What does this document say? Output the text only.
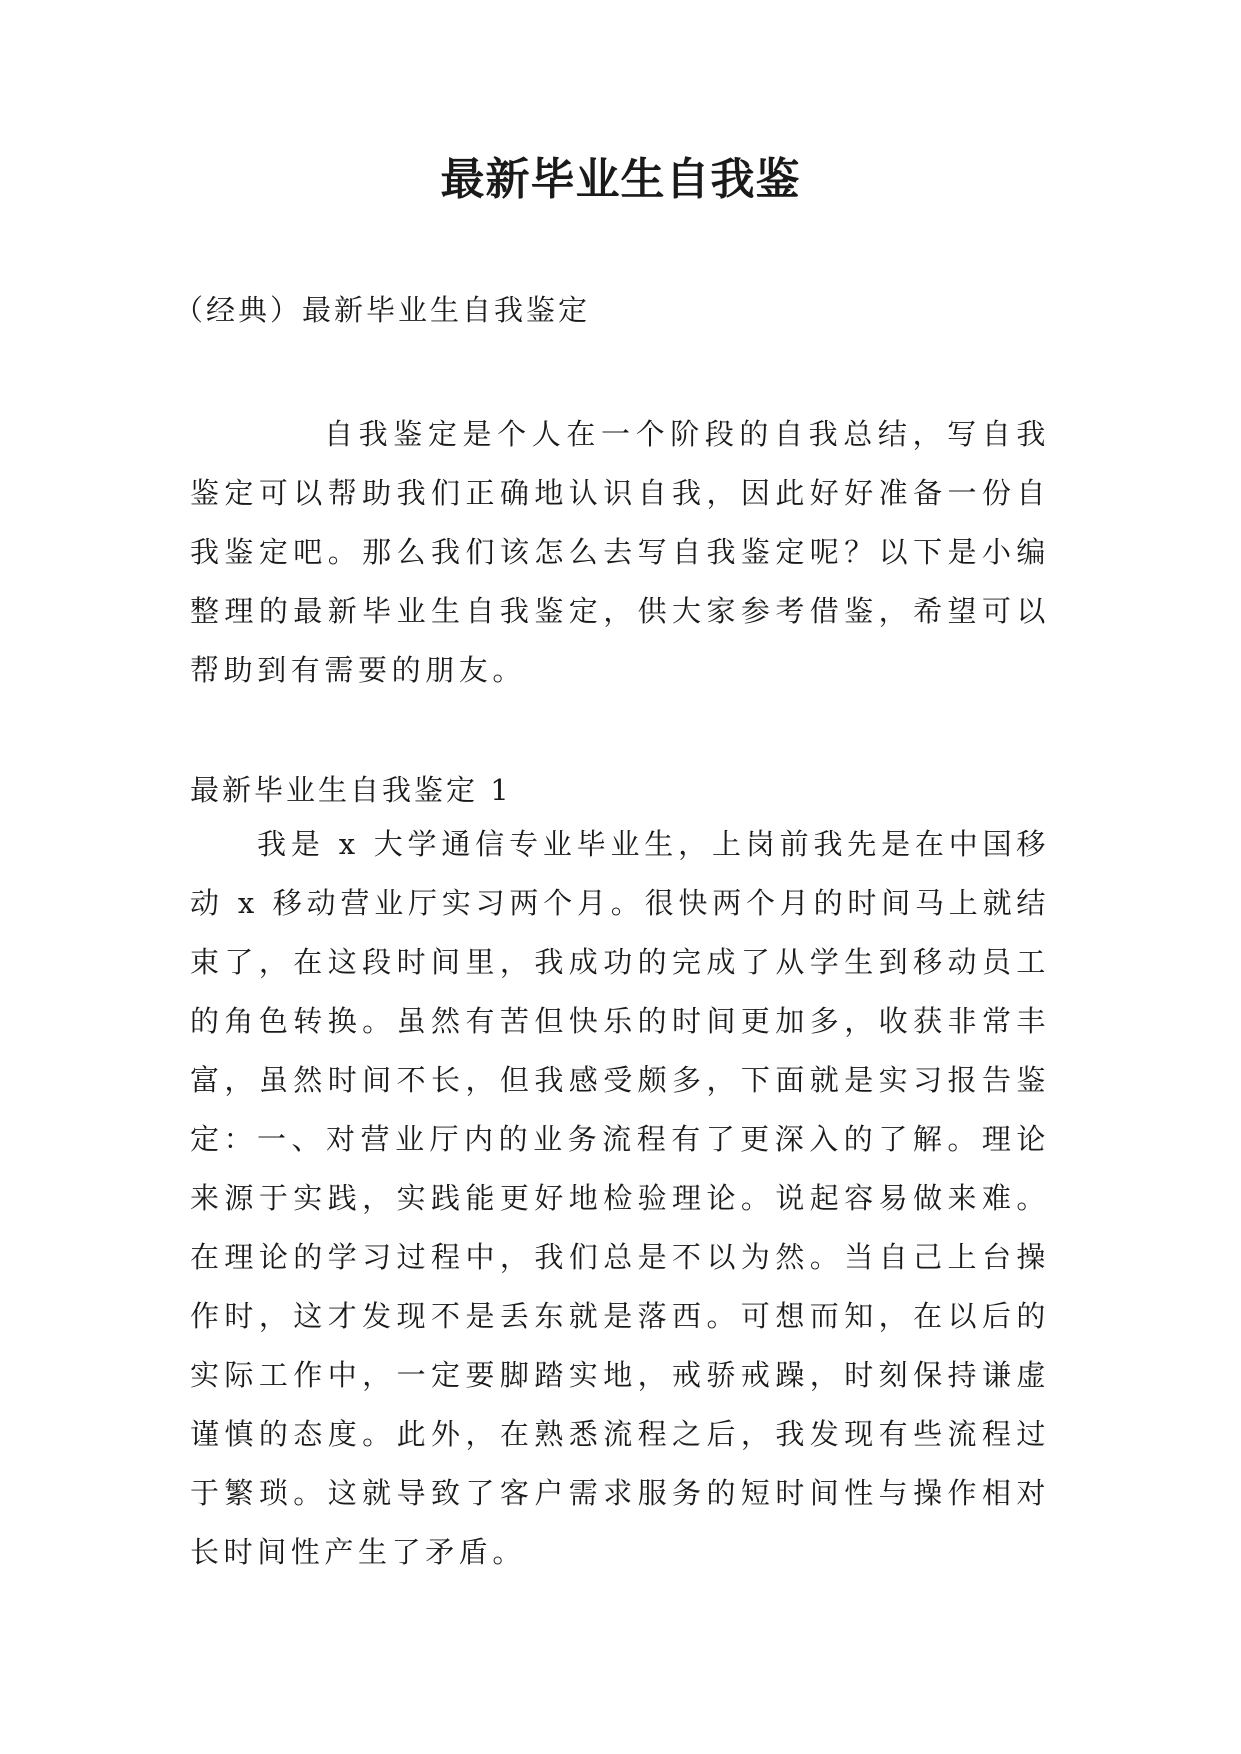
最新毕业生自我鉴

（经典）最新毕业生自我鉴定

自我鉴定是个人在一个阶段的自我总结，写自我鉴定可以帮助我们正确地认识自我，因此好好准备一份自我鉴定吧。那么我们该怎么去写自我鉴定呢？以下是小编整理的最新毕业生自我鉴定，供大家参考借鉴，希望可以帮助到有需要的朋友。

最新毕业生自我鉴定 1

我是 x 大学通信专业毕业生，上岗前我先是在中国移动 x 移动营业厅实习两个月。很快两个月的时间马上就结束了，在这段时间里，我成功的完成了从学生到移动员工的角色转换。虽然有苦但快乐的时间更加多，收获非常丰富，虽然时间不长，但我感受颇多，下面就是实习报告鉴定： 一、对营业厅内的业务流程有了更深入的了解。理论来源于实践，实践能更好地检验理论。说起容易做来难。在理论的学习过程中，我们总是不以为然。当自己上台操作时，这才发现不是丢东就是落西。可想而知，在以后的实际工作中，一定要脚踏实地，戒骄戒躁，时刻保持谦虚谨慎的态度。此外，在熟悉流程之后，我发现有些流程过于繁琐。这就导致了客户需求服务的短时间性与操作相对长时间性产生了矛盾。
